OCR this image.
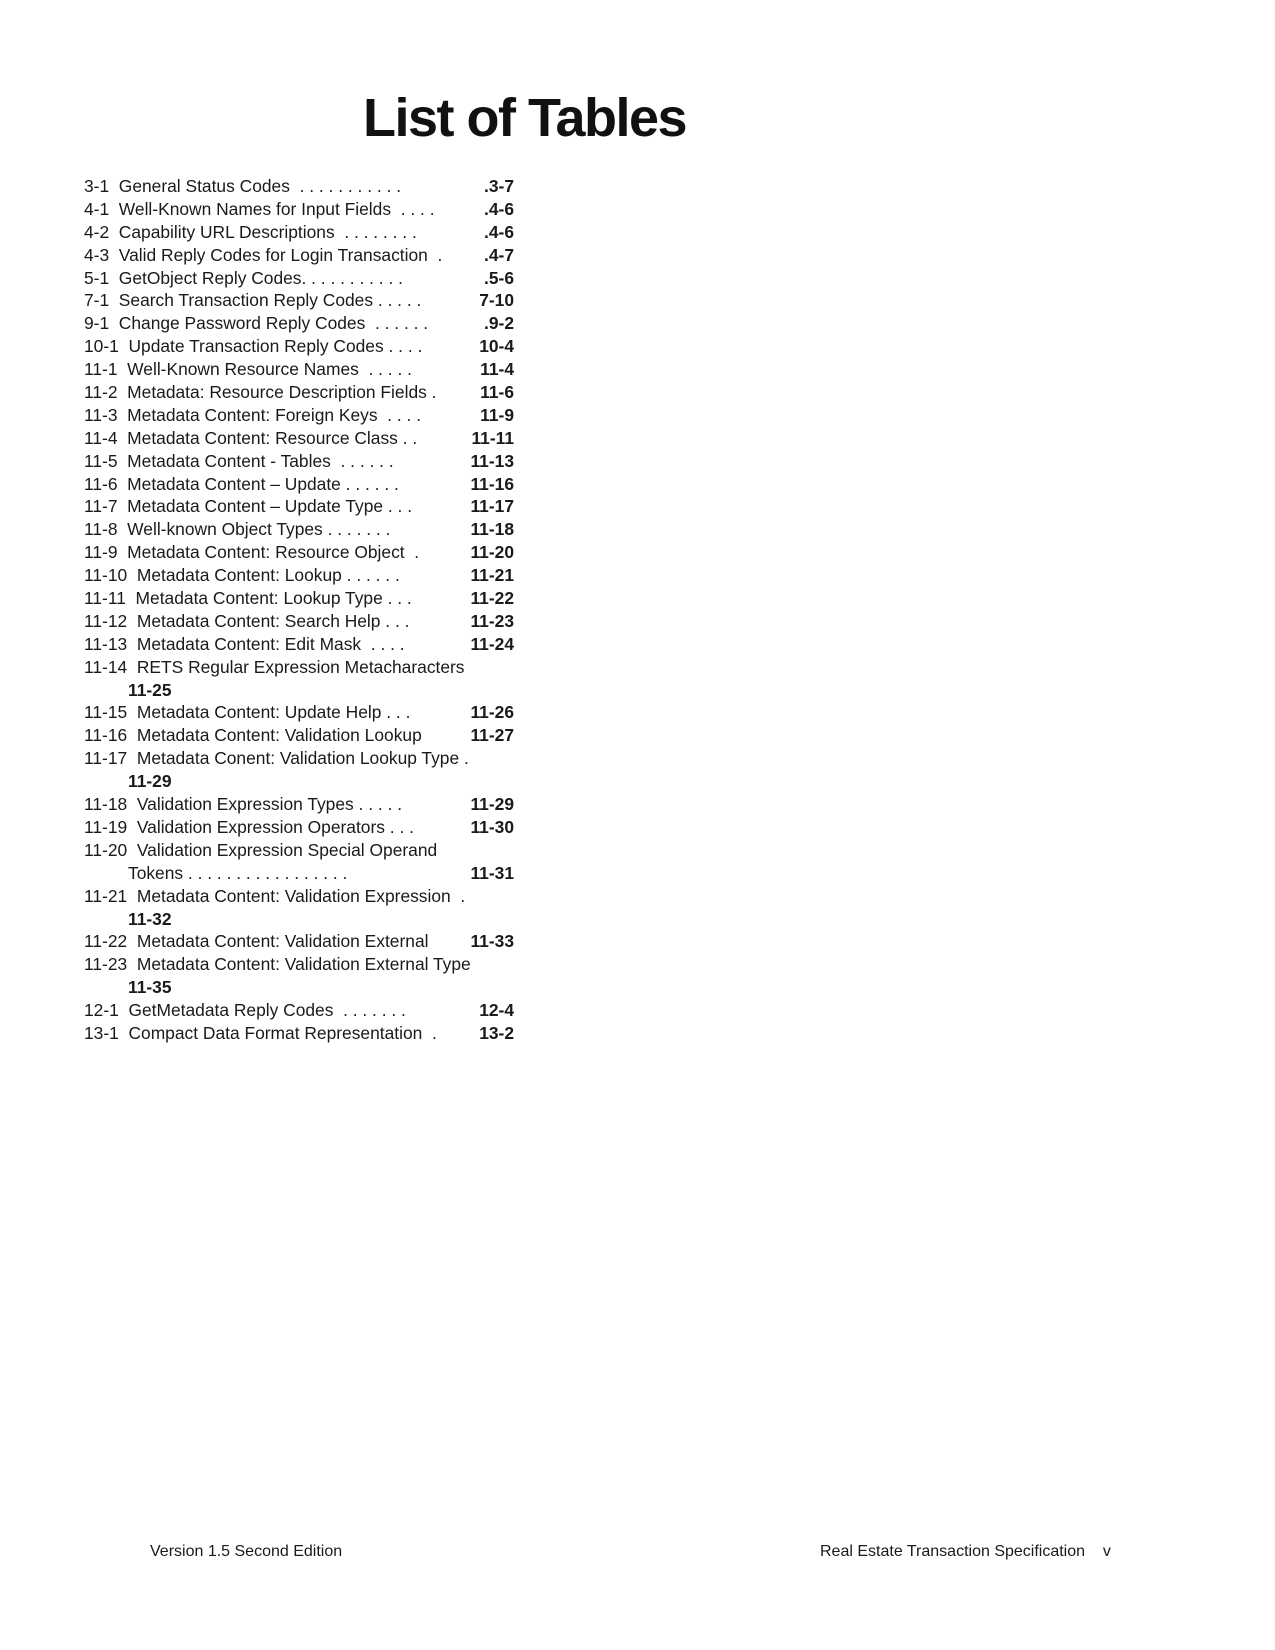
List of Tables
3-1  General Status Codes  . . . . . . . . . . .	.3-7
4-1  Well-Known Names for Input Fields  . . . .	.4-6
4-2  Capability URL Descriptions  . . . . . . . .	.4-6
4-3  Valid Reply Codes for Login Transaction  . .4-7
5-1  GetObject Reply Codes. . . . . . . . . . .	.5-6
7-1  Search Transaction Reply Codes . . . . .	7-10
9-1  Change Password Reply Codes  . . . . . .	.9-2
10-1  Update Transaction Reply Codes . . . .	10-4
11-1  Well-Known Resource Names  . . . . .	11-4
11-2  Metadata: Resource Description Fields .	11-6
11-3  Metadata Content: Foreign Keys  . . . .	11-9
11-4  Metadata Content: Resource Class . .	11-11
11-5  Metadata Content - Tables  . . . . . .	11-13
11-6  Metadata Content – Update . . . . . .	11-16
11-7  Metadata Content – Update Type . . .	11-17
11-8  Well-known Object Types . . . . . . .	11-18
11-9  Metadata Content: Resource Object  .	11-20
11-10  Metadata Content: Lookup . . . . . .	11-21
11-11  Metadata Content: Lookup Type . . .	11-22
11-12  Metadata Content: Search Help . . .	11-23
11-13  Metadata Content: Edit Mask  . . . .	11-24
11-14  RETS Regular Expression Metacharacters
11-25
11-15  Metadata Content: Update Help . . .	11-26
11-16  Metadata Content: Validation Lookup	11-27
11-17  Metadata Conent: Validation Lookup Type .
11-29
11-18  Validation Expression Types . . . . .	11-29
11-19  Validation Expression Operators . . .	11-30
11-20  Validation Expression Special Operand
Tokens . . . . . . . . . . . . . . . . .	11-31
11-21  Metadata Content: Validation Expression  .
11-32
11-22  Metadata Content: Validation External 11-33
11-23  Metadata Content: Validation External Type
11-35
12-1  GetMetadata Reply Codes  . . . . . . .	12-4
13-1  Compact Data Format Representation  . 13-2
Version 1.5 Second Edition	Real Estate Transaction Specification    v
